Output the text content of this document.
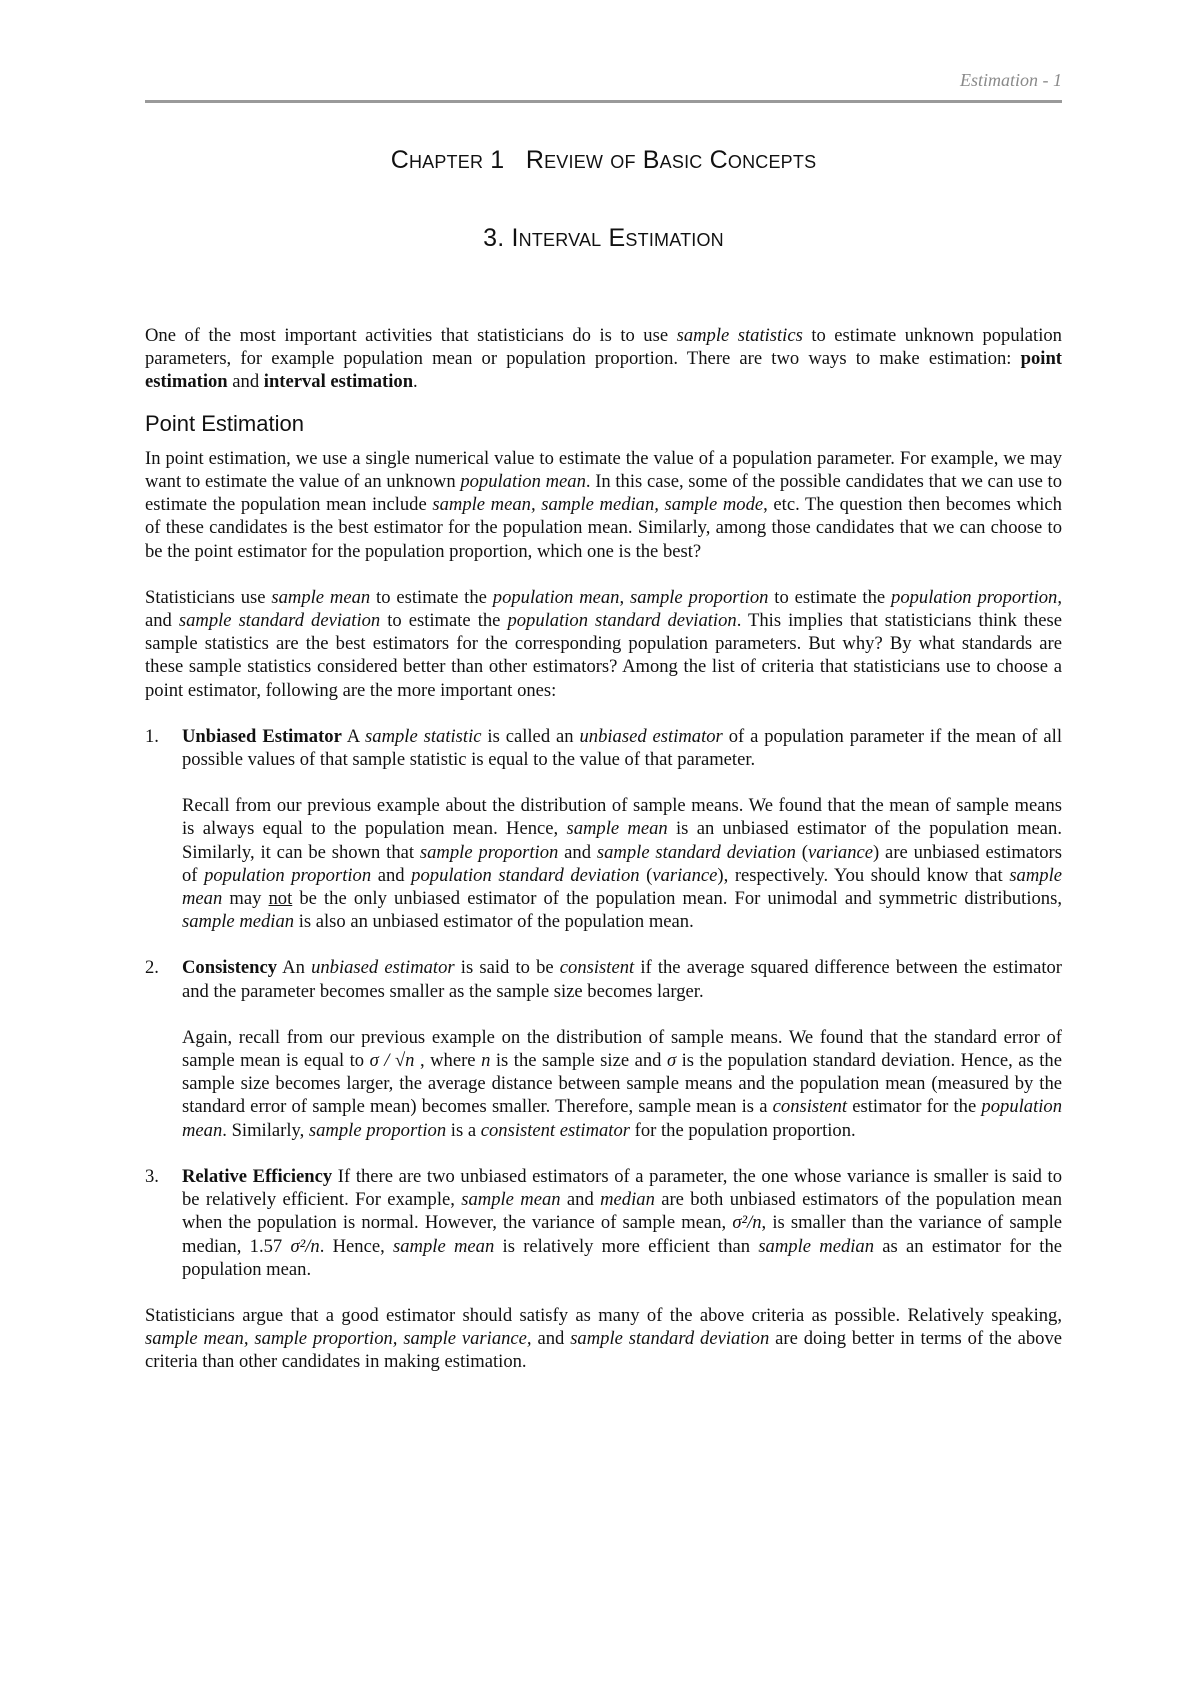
Estimation - 1
Chapter 1   Review of Basic Concepts
3. Interval Estimation

One of the most important activities that statisticians do is to use sample statistics to estimate unknown population parameters, for example population mean or population proportion. There are two ways to make estimation: point estimation and interval estimation.

Point Estimation

In point estimation, we use a single numerical value to estimate the value of a population parameter. For example, we may want to estimate the value of an unknown population mean. In this case, some of the possible candidates that we can use to estimate the population mean include sample mean, sample median, sample mode, etc. The question then becomes which of these candidates is the best estimator for the population mean. Similarly, among those candidates that we can choose to be the point estimator for the population proportion, which one is the best?

Statisticians use sample mean to estimate the population mean, sample proportion to estimate the population proportion, and sample standard deviation to estimate the population standard deviation. This implies that statisticians think these sample statistics are the best estimators for the corresponding population parameters. But why? By what standards are these sample statistics considered better than other estimators? Among the list of criteria that statisticians use to choose a point estimator, following are the more important ones:

1. Unbiased Estimator A sample statistic is called an unbiased estimator of a population parameter if the mean of all possible values of that sample statistic is equal to the value of that parameter.

Recall from our previous example about the distribution of sample means. We found that the mean of sample means is always equal to the population mean. Hence, sample mean is an unbiased estimator of the population mean. Similarly, it can be shown that sample proportion and sample standard deviation (variance) are unbiased estimators of population proportion and population standard deviation (variance), respectively. You should know that sample mean may not be the only unbiased estimator of the population mean. For unimodal and symmetric distributions, sample median is also an unbiased estimator of the population mean.

2. Consistency An unbiased estimator is said to be consistent if the average squared difference between the estimator and the parameter becomes smaller as the sample size becomes larger.

Again, recall from our previous example on the distribution of sample means. We found that the standard error of sample mean is equal to σ / √n , where n is the sample size and σ is the population standard deviation. Hence, as the sample size becomes larger, the average distance between sample means and the population mean (measured by the standard error of sample mean) becomes smaller. Therefore, sample mean is a consistent estimator for the population mean. Similarly, sample proportion is a consistent estimator for the population proportion.

3. Relative Efficiency If there are two unbiased estimators of a parameter, the one whose variance is smaller is said to be relatively efficient. For example, sample mean and median are both unbiased estimators of the population mean when the population is normal. However, the variance of sample mean, σ²/n, is smaller than the variance of sample median, 1.57 σ²/n. Hence, sample mean is relatively more efficient than sample median as an estimator for the population mean.

Statisticians argue that a good estimator should satisfy as many of the above criteria as possible. Relatively speaking, sample mean, sample proportion, sample variance, and sample standard deviation are doing better in terms of the above criteria than other candidates in making estimation.
